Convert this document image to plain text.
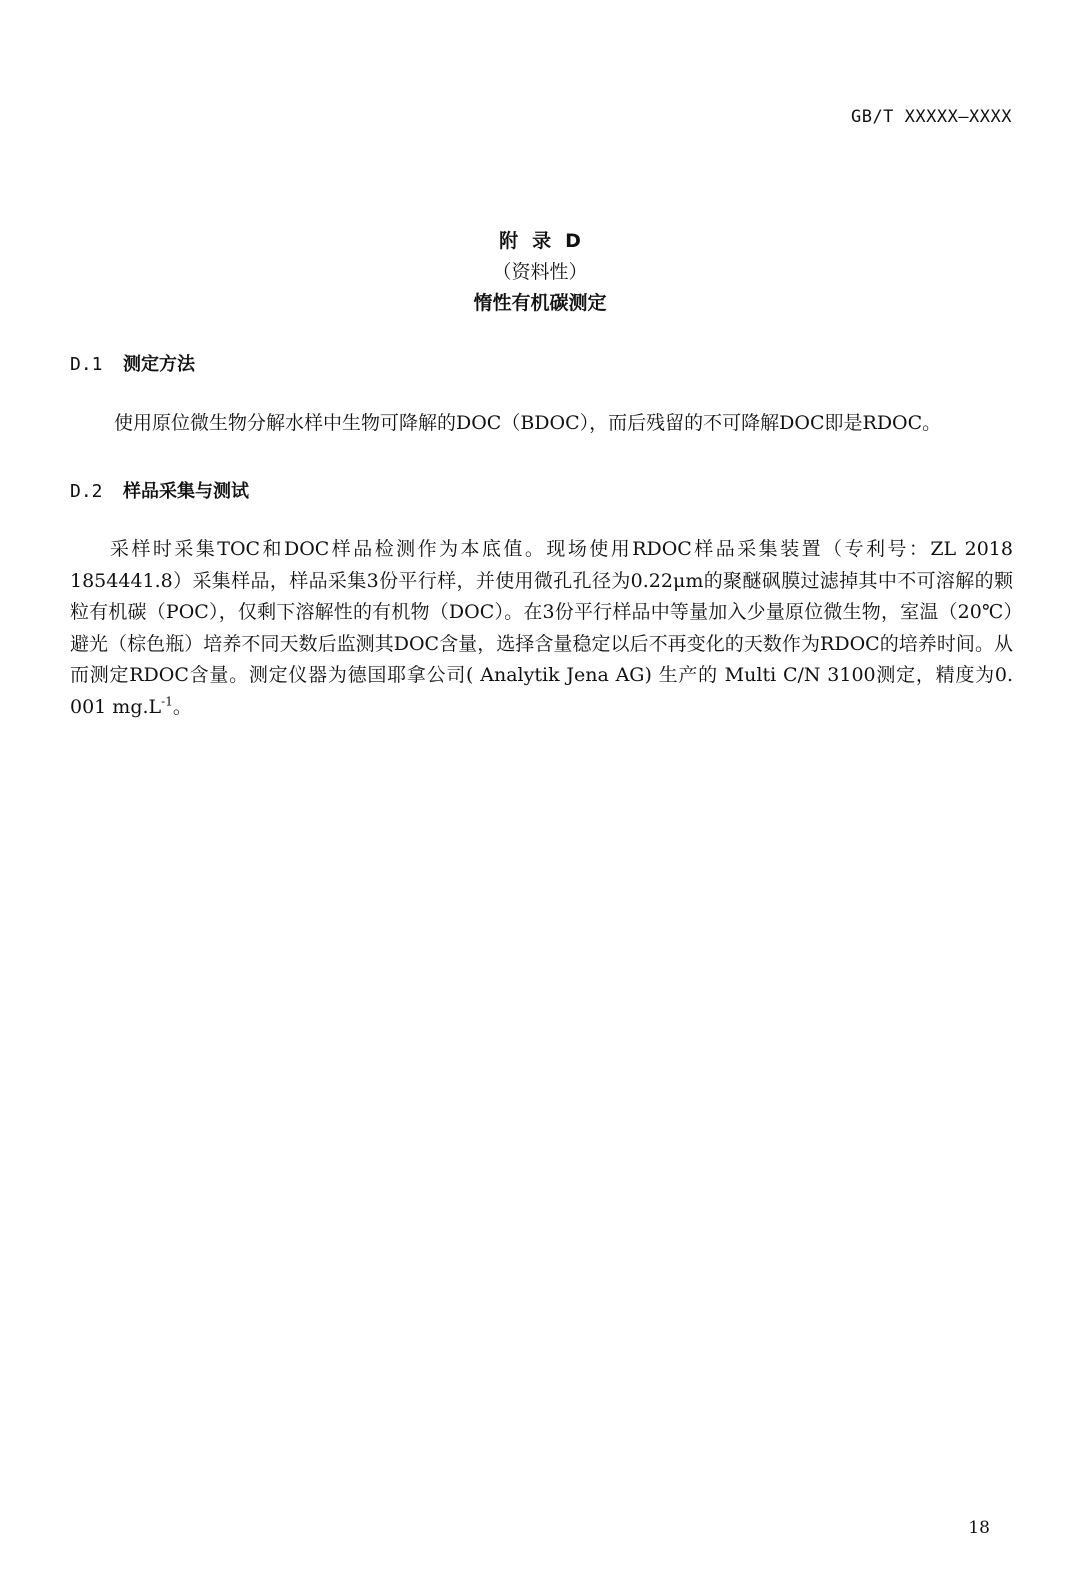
GB/T XXXXX—XXXX
附录D
（资料性）
惰性有机碳测定
D.1 测定方法

使用原位微生物分解水样中生物可降解的DOC（BDOC），而后残留的不可降解DOC即是RDOC。

D.2 样品采集与测试

采样时采集TOC和DOC样品检测作为本底值。现场使用RDOC样品采集装置（专利号：ZL 2018 1854441.8）采集样品，样品采集3份平行样，并使用微孔孔径为0.22μm的聚醚砜膜过滤掉其中不可溶解的颗粒有机碳（POC），仅剩下溶解性的有机物（DOC）。在3份平行样品中等量加入少量原位微生物，室温（20℃）避光（棕色瓶）培养不同天数后监测其DOC含量，选择含量稳定以后不再变化的天数作为RDOC的培养时间。从而测定RDOC含量。测定仪器为德国耶拿公司( Analytik Jena AG) 生产的 Multi C/N 3100测定，精度为0. 001 $mg.L^{-1}$。

18
